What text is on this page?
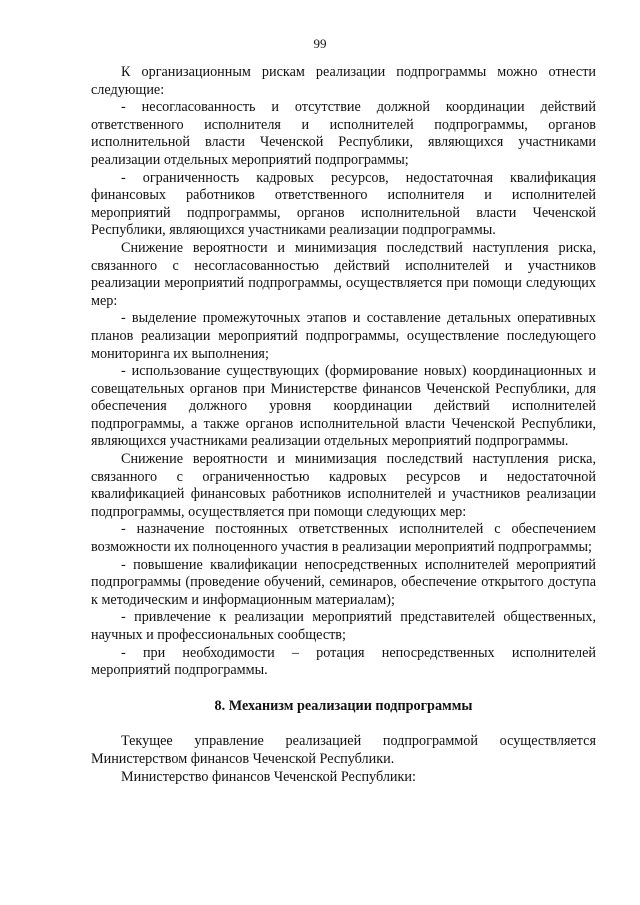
99

К организационным рискам реализации подпрограммы можно отнести следующие:

- несогласованность и отсутствие должной координации действий ответственного исполнителя и исполнителей подпрограммы, органов исполнительной власти Чеченской Республики, являющихся участниками реализации отдельных мероприятий подпрограммы;

- ограниченность кадровых ресурсов, недостаточная квалификация финансовых работников ответственного исполнителя и исполнителей мероприятий подпрограммы, органов исполнительной власти Чеченской Республики, являющихся участниками реализации подпрограммы.

Снижение вероятности и минимизация последствий наступления риска, связанного с несогласованностью действий исполнителей и участников реализации мероприятий подпрограммы, осуществляется при помощи следующих мер:

- выделение промежуточных этапов и составление детальных оперативных планов реализации мероприятий подпрограммы, осуществление последующего мониторинга их выполнения;

- использование существующих (формирование новых) координационных и совещательных органов при Министерстве финансов Чеченской Республики, для обеспечения должного уровня координации действий исполнителей подпрограммы, а также органов исполнительной власти Чеченской Республики, являющихся участниками реализации отдельных мероприятий подпрограммы.

Снижение вероятности и минимизация последствий наступления риска, связанного с ограниченностью кадровых ресурсов и недостаточной квалификацией финансовых работников исполнителей и участников реализации подпрограммы, осуществляется при помощи следующих мер:

- назначение постоянных ответственных исполнителей с обеспечением возможности их полноценного участия в реализации мероприятий подпрограммы;

- повышение квалификации непосредственных исполнителей мероприятий подпрограммы (проведение обучений, семинаров, обеспечение открытого доступа к методическим и информационным материалам);

- привлечение к реализации мероприятий представителей общественных, научных и профессиональных сообществ;

- при необходимости – ротация непосредственных исполнителей мероприятий подпрограммы.

8. Механизм реализации подпрограммы

Текущее управление реализацией подпрограммой осуществляется Министерством финансов Чеченской Республики.

Министерство финансов Чеченской Республики:
